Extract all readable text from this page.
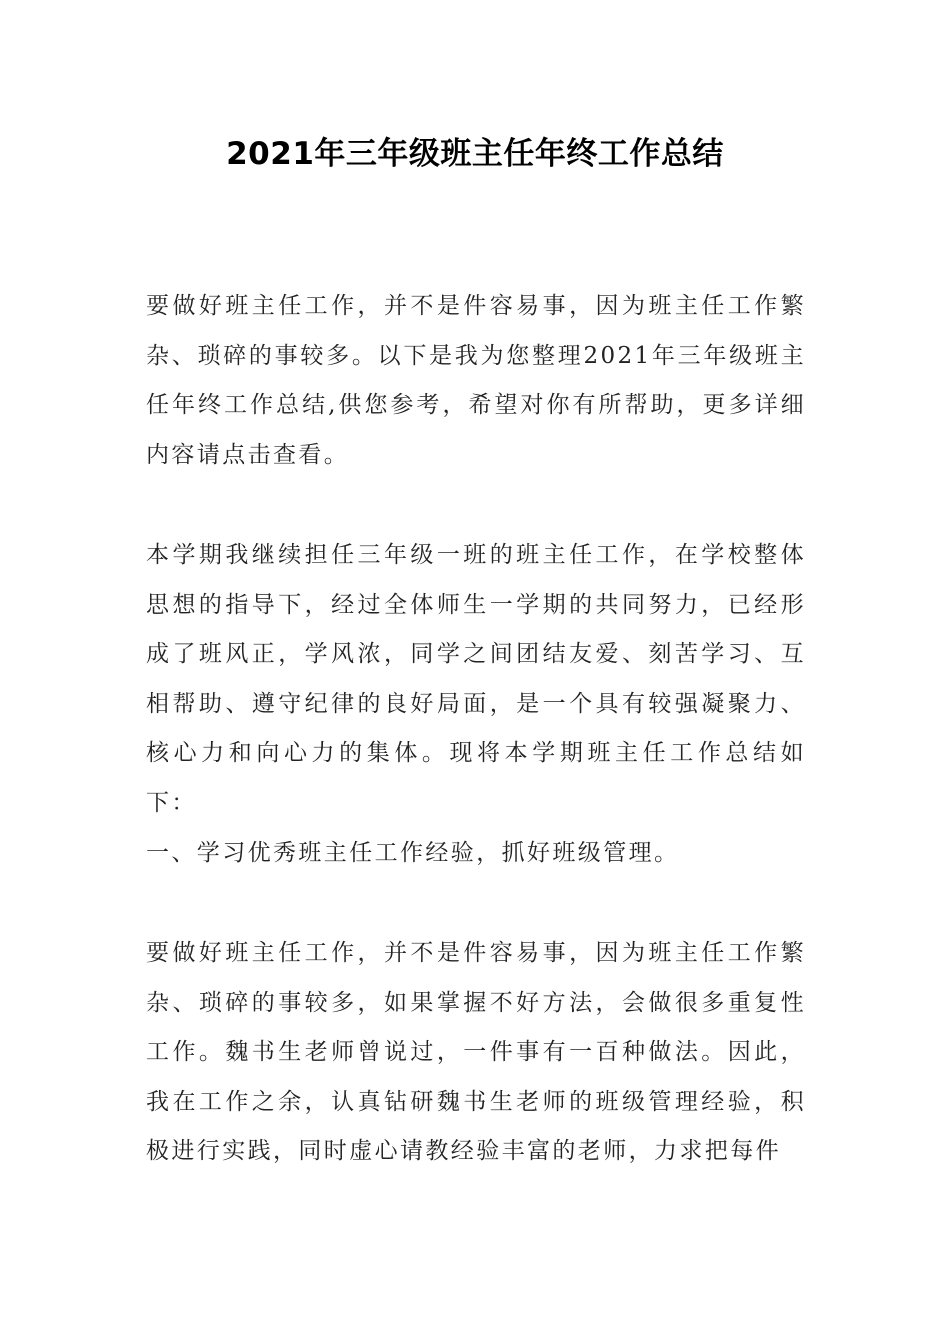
2021年三年级班主任年终工作总结

要做好班主任工作，并不是件容易事，因为班主任工作繁杂、琐碎的事较多。以下是我为您整理2021年三年级班主任年终工作总结,供您参考，希望对你有所帮助，更多详细内容请点击查看。

本学期我继续担任三年级一班的班主任工作，在学校整体思想的指导下，经过全体师生一学期的共同努力，已经形成了班风正，学风浓，同学之间团结友爱、刻苦学习、互相帮助、遵守纪律的良好局面，是一个具有较强凝聚力、核心力和向心力的集体。现将本学期班主任工作总结如下：

一、学习优秀班主任工作经验，抓好班级管理。

要做好班主任工作，并不是件容易事，因为班主任工作繁杂、琐碎的事较多，如果掌握不好方法，会做很多重复性工作。魏书生老师曾说过，一件事有一百种做法。因此，我在工作之余，认真钻研魏书生老师的班级管理经验，积极进行实践，同时虚心请教经验丰富的老师，力求把每件
